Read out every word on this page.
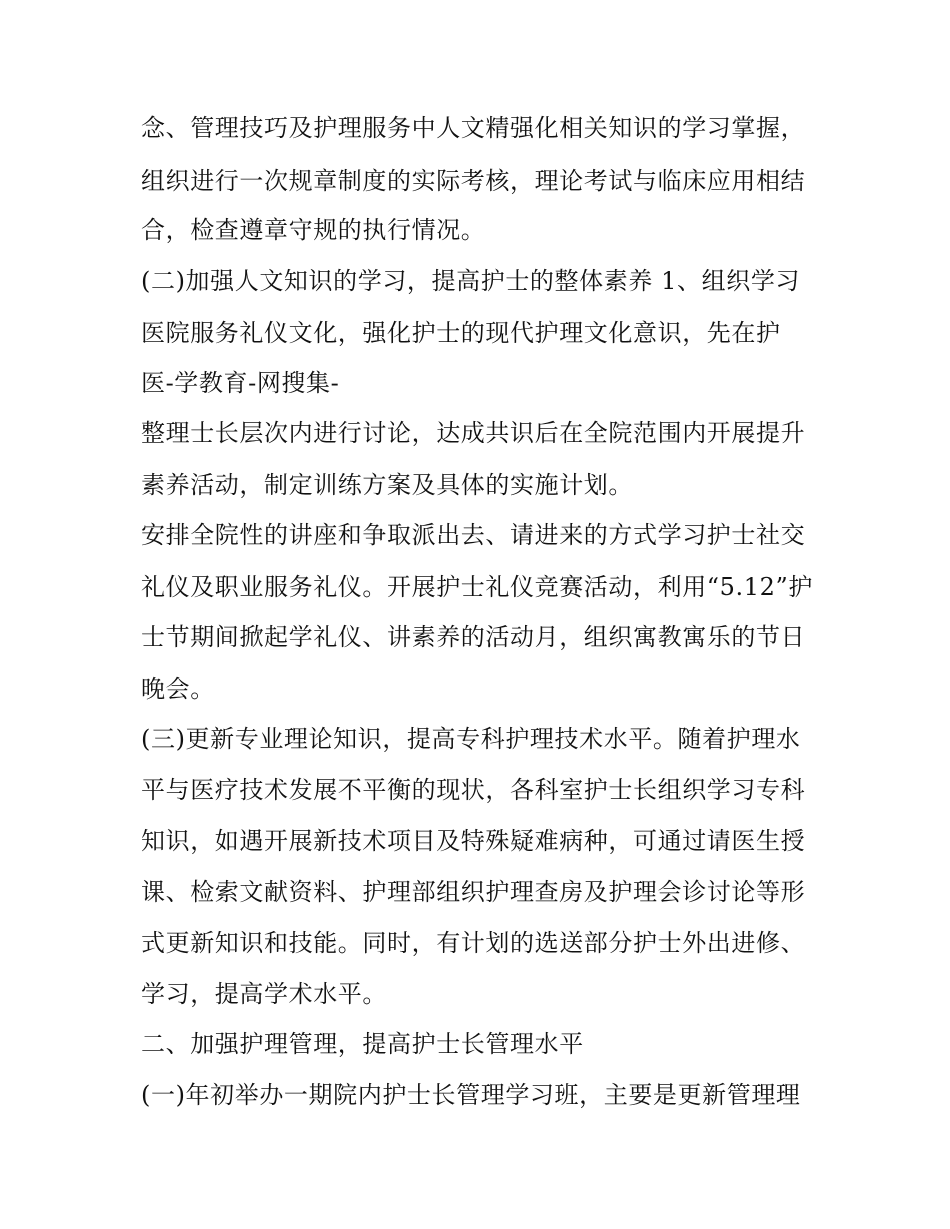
念、管理技巧及护理服务中人文精强化相关知识的学习掌握，
组织进行一次规章制度的实际考核，理论考试与临床应用相结
合，检查遵章守规的执行情况。
(二)加强人文知识的学习，提高护士的整体素养 1、组织学习
医院服务礼仪文化，强化护士的现代护理文化意识，先在护
医-学教育-网搜集-
整理士长层次内进行讨论，达成共识后在全院范围内开展提升
素养活动，制定训练方案及具体的实施计划。
安排全院性的讲座和争取派出去、请进来的方式学习护士社交
礼仪及职业服务礼仪。开展护士礼仪竞赛活动，利用“5.12”护
士节期间掀起学礼仪、讲素养的活动月，组织寓教寓乐的节日
晚会。
(三)更新专业理论知识，提高专科护理技术水平。随着护理水
平与医疗技术发展不平衡的现状，各科室护士长组织学习专科
知识，如遇开展新技术项目及特殊疑难病种，可通过请医生授
课、检索文献资料、护理部组织护理查房及护理会诊讨论等形
式更新知识和技能。同时，有计划的选送部分护士外出进修、
学习，提高学术水平。
二、加强护理管理，提高护士长管理水平
(一)年初举办一期院内护士长管理学习班，主要是更新管理理
